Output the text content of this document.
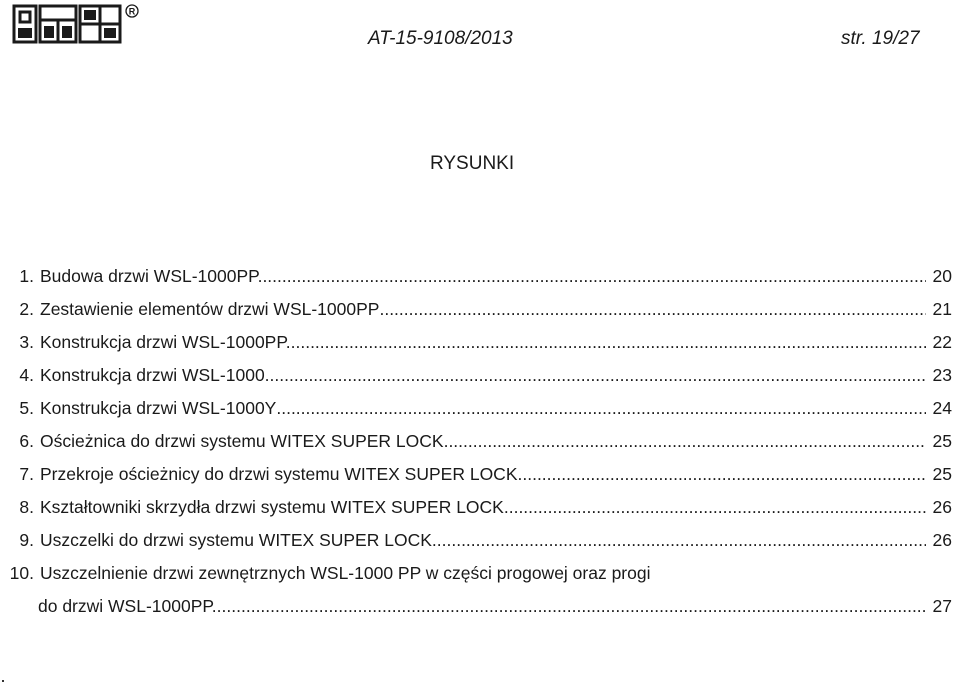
R
AT-15-9108/2013	str. 19/27
RYSUNKI
1. Budowa drzwi WSL-1000PP. .....	20
2. Zestawienie elementów drzwi WSL-1000PP .....	21
3. Konstrukcja drzwi WSL-1000PP. .....	22
4. Konstrukcja drzwi WSL-1000. .....	23
5. Konstrukcja drzwi WSL-1000Y .....	24
6. Ościeżnica do drzwi systemu WITEX SUPER LOCK .....	25
7. Przekroje ościeżnicy do drzwi systemu WITEX SUPER LOCK .....	25
8. Kształtowniki skrzydła drzwi systemu WITEX SUPER LOCK .....	26
9. Uszczelki do drzwi systemu WITEX SUPER LOCK .....	26
10. Uszczelnienie drzwi zewnętrznych WSL-1000 PP w części progowej oraz progi
do drzwi WSL-1000PP. .....	27
